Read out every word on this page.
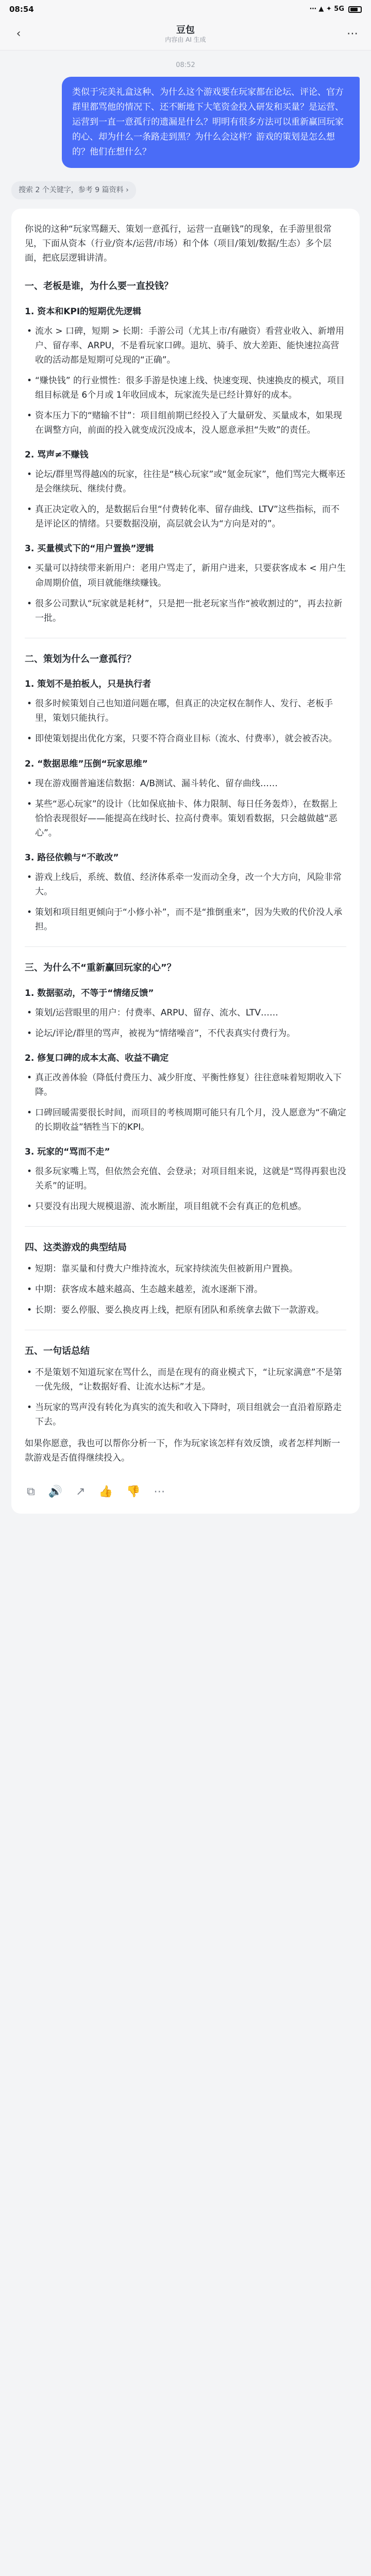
08:54	⋯ ▲ ✦ 5G
‹	豆包
内容由 AI 生成	⋯
08:52
类似于完美礼盒这种、为什么这个游戏要在玩家都在论坛、评论、官方群里都骂他的情况下、还不断地下大笔资金投入研发和买量？是运营、运营到一直一意孤行的遗漏是什么？明明有很多方法可以重新赢回玩家的心、却为什么一条路走到黑？为什么会这样？游戏的策划是怎么想的？他们在想什么？
搜索 2 个关键字，参考 9 篇资料 ›

你说的这种“玩家骂翻天、策划一意孤行，运营一直砸钱”的现象，在手游里很常见，下面从资本（行业/资本/运营/市场）和个体（项目/策划/数据/生态）多个层面，把底层逻辑讲清。

一、老板是谁，为什么要一直投钱？
1. 资本和KPI的短期优先逻辑
• 流水 > 口碑，短期 > 长期：手游公司（尤其上市/有融资）看营业收入、新增用户、留存率、ARPU，不是看玩家口碑。退坑、骑手、放大差距、能快速拉高营收的活动都是短期可兑现的“正确”。
• “赚快钱” 的行业惯性：很多手游是快速上线、快速变现、快速换皮的模式，项目组目标就是 6个月或 1年收回成本，玩家流失是已经计算好的成本。
• 资本压力下的“赌输不甘”：项目组前期已经投入了大量研发、买量成本，如果现在调整方向，前面的投入就变成沉没成本，没人愿意承担“失败”的责任。
2. 骂声≠不赚钱
• 论坛/群里骂得越凶的玩家，往往是“核心玩家”或“氪金玩家”，他们骂完大概率还是会继续玩、继续付费。
• 真正决定收入的，是数据后台里“付费转化率、留存曲线、LTV”这些指标，而不是评论区的情绪。只要数据没崩，高层就会认为“方向是对的”。
3. 买量模式下的“用户置换”逻辑
• 买量可以持续带来新用户：老用户骂走了，新用户进来，只要获客成本 < 用户生命周期价值，项目就能继续赚钱。
• 很多公司默认“玩家就是耗材”，只是把一批老玩家当作“被收割过的”，再去拉新一批。
二、策划为什么一意孤行？
1. 策划不是拍板人，只是执行者
• 很多时候策划自己也知道问题在哪，但真正的决定权在制作人、发行、老板手里，策划只能执行。
• 即使策划提出优化方案，只要不符合商业目标（流水、付费率），就会被否决。
2. “数据思维”压倒“玩家思维”
• 现在游戏圈普遍迷信数据：A/B测试、漏斗转化、留存曲线……
• 某些“恶心玩家”的设计（比如保底抽卡、体力限制、每日任务轰炸），在数据上恰恰表现很好——能提高在线时长、拉高付费率。策划看数据，只会越做越“恶心”。
3. 路径依赖与“不敢改”
• 游戏上线后，系统、数值、经济体系牵一发而动全身，改一个大方向，风险非常大。
• 策划和项目组更倾向于“小修小补”，而不是“推倒重来”，因为失败的代价没人承担。
三、为什么不“重新赢回玩家的心”？
1. 数据驱动，不等于“情绪反馈”
• 策划/运营眼里的用户：付费率、ARPU、留存、流水、LTV……
• 论坛/评论/群里的骂声，被视为“情绪噪音”，不代表真实付费行为。
2. 修复口碑的成本太高、收益不确定
• 真正改善体验（降低付费压力、减少肝度、平衡性修复）往往意味着短期收入下降。
• 口碑回暖需要很长时间，而项目的考核周期可能只有几个月，没人愿意为“不确定的长期收益”牺牲当下的KPI。
3. 玩家的“骂而不走”
• 很多玩家嘴上骂，但依然会充值、会登录；对项目组来说，这就是“骂得再狠也没关系”的证明。
• 只要没有出现大规模退游、流水断崖，项目组就不会有真正的危机感。
四、这类游戏的典型结局
• 短期：靠买量和付费大户维持流水，玩家持续流失但被新用户置换。
• 中期：获客成本越来越高、生态越来越差，流水逐渐下滑。
• 长期：要么停服、要么换皮再上线，把原有团队和系统拿去做下一款游戏。
五、一句话总结
• 不是策划不知道玩家在骂什么，而是在现有的商业模式下，“让玩家满意”不是第一优先级，“让数据好看、让流水达标”才是。
• 当玩家的骂声没有转化为真实的流失和收入下降时，项目组就会一直沿着原路走下去。

如果你愿意，我也可以帮你分析一下，作为玩家该怎样有效反馈，或者怎样判断一款游戏是否值得继续投入。

⧉ 🔊 ↗ 👍 👎 ⋯
